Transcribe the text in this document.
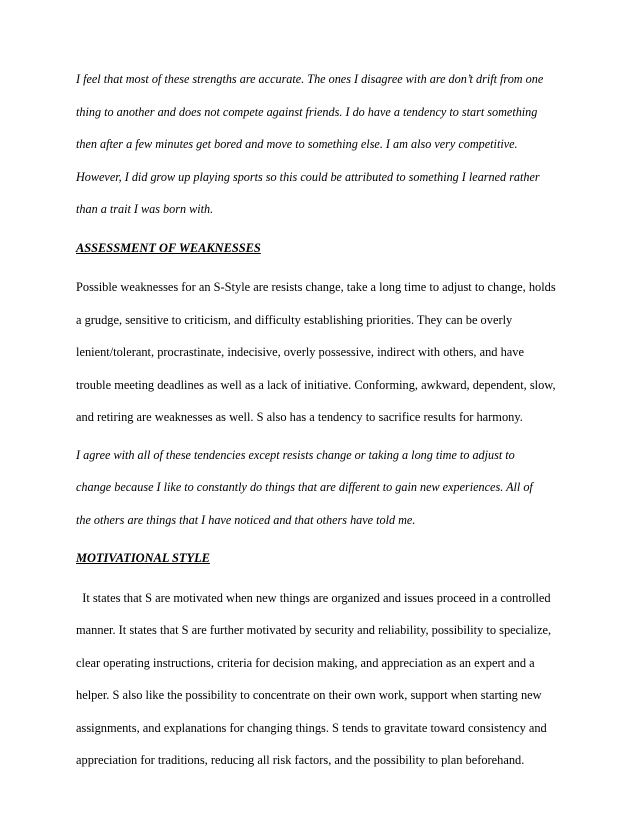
I feel that most of these strengths are accurate. The ones I disagree with are don’t drift from one
thing to another and does not compete against friends. I do have a tendency to start something
then after a few minutes get bored and move to something else. I am also very competitive.
However, I did grow up playing sports so this could be attributed to something I learned rather
than a trait I was born with.
ASSESSMENT OF WEAKNESSES
Possible weaknesses for an S-Style are resists change, take a long time to adjust to change, holds
a grudge, sensitive to criticism, and difficulty establishing priorities. They can be overly
lenient/tolerant, procrastinate, indecisive, overly possessive, indirect with others, and have
trouble meeting deadlines as well as a lack of initiative. Conforming, awkward, dependent, slow,
and retiring are weaknesses as well. S also has a tendency to sacrifice results for harmony.
I agree with all of these tendencies except resists change or taking a long time to adjust to
change because I like to constantly do things that are different to gain new experiences. All of
the others are things that I have noticed and that others have told me.
MOTIVATIONAL STYLE
It states that S are motivated when new things are organized and issues proceed in a controlled
manner. It states that S are further motivated by security and reliability, possibility to specialize,
clear operating instructions, criteria for decision making, and appreciation as an expert and a
helper. S also like the possibility to concentrate on their own work, support when starting new
assignments, and explanations for changing things. S tends to gravitate toward consistency and
appreciation for traditions, reducing all risk factors, and the possibility to plan beforehand.
